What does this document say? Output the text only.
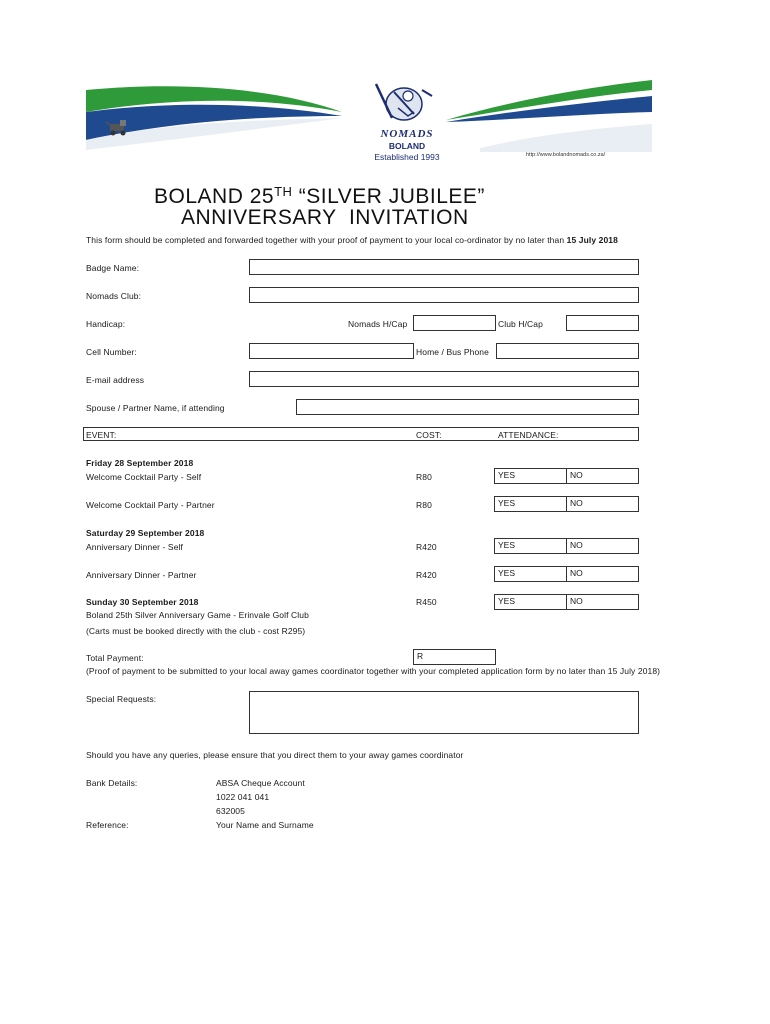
NOMADS
BOLAND
Established 1993	http://www.bolandnomads.co.za/
BOLAND 25TH “SILVER JUBILEE”
ANNIVERSARY  INVITATION
This form should be completed and forwarded together with your proof of payment to your local co-ordinator by no later than 15 July 2018
Badge Name:
Nomads Club:
Handicap:	Nomads H/Cap	Club H/Cap
Cell Number:	Home / Bus Phone
E-mail address
Spouse / Partner Name, if attending
EVENT:	COST:	ATTENDANCE:
Friday 28 September 2018
Welcome Cocktail Party - Self	R80	YES	NO
Welcome Cocktail Party - Partner	R80	YES	NO
Saturday 29 September 2018
Anniversary Dinner - Self	R420	YES	NO
Anniversary Dinner - Partner	R420	YES	NO
Sunday 30 September 2018	R450	YES	NO
Boland 25th Silver Anniversary Game - Erinvale Golf Club
(Carts must be booked directly with the club - cost R295)
Total Payment:	R
(Proof of payment to be submitted to your local away games coordinator together with your completed application form by no later than 15 July 2018)
Special Requests:
Should you have any queries, please ensure that you direct them to your away games coordinator
Bank Details:	ABSA Cheque Account
1022 041 041
632005
Reference:	Your Name and Surname
